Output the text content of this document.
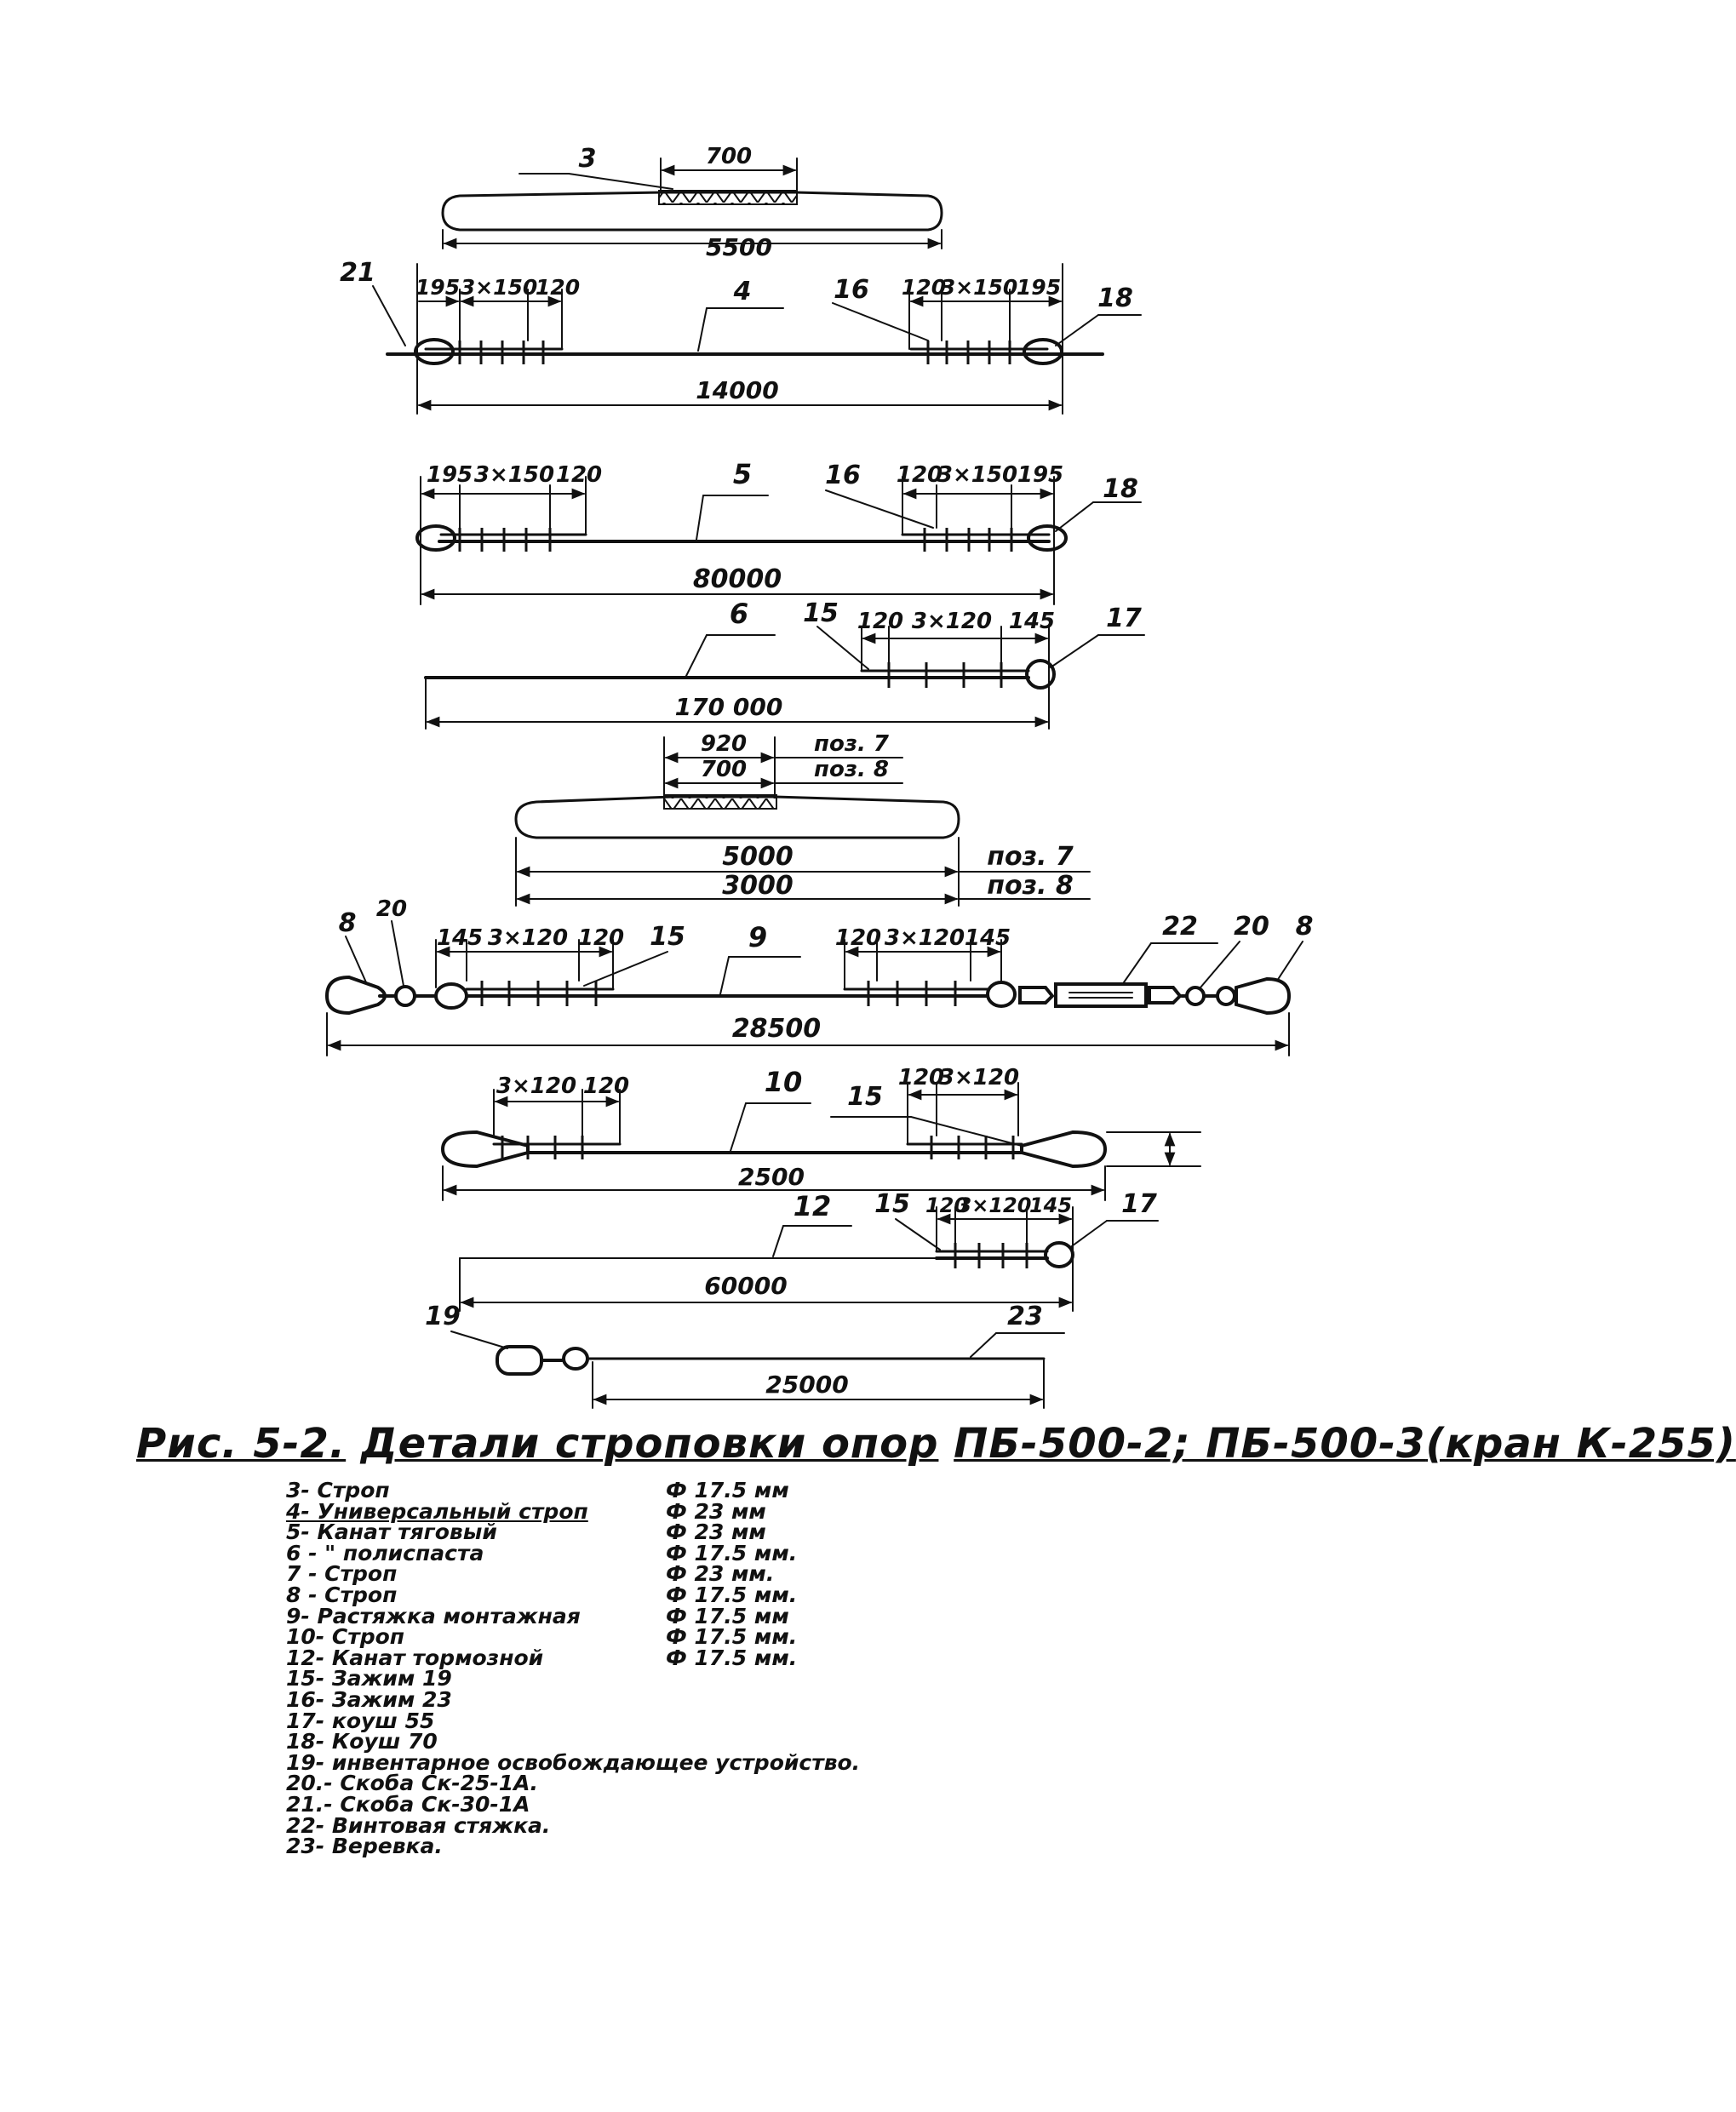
700
3
5500
195 3×150
120	120
3×150
195
4
21
16	18
14000
195 3×150 120	120
3×150 195
5	16	18
80000
120 3×120 145
15
6	17
170 000
920	поз. 7
700	поз. 8
5000	поз. 7
3000	поз. 8
145 3×120 120	120 3×120 145
8 20
15 9	22 20 8
28500
3×120 120	120
3×120
10 15
2500
120
3×120
145
15
12	17
60000
19	23
25000
Рис. 5-2. Детали строповки опор ПБ-500-2; ПБ-500-3(кран К-255)
3- Строп	Ф 17.5 мм
4- Универсальный строп	Ф 23 мм
5- Канат тяговый	Ф 23 мм
6 - " полиспаста	Ф 17.5 мм.
7 - Строп	Ф 23 мм.
8 - Строп	Ф 17.5 мм.
9- Растяжка монтажная	Ф 17.5 мм
10- Строп	Ф 17.5 мм.
12- Канат тормозной	Ф 17.5 мм.
15- Зажим 19
16- Зажим 23
17- коуш 55
18- Коуш 70
19- инвентарное освобождающее устройство.
20.- Скоба Ск-25-1А.
21.- Скоба Ск-30-1А
22- Винтовая стяжка.
23- Веревка.
